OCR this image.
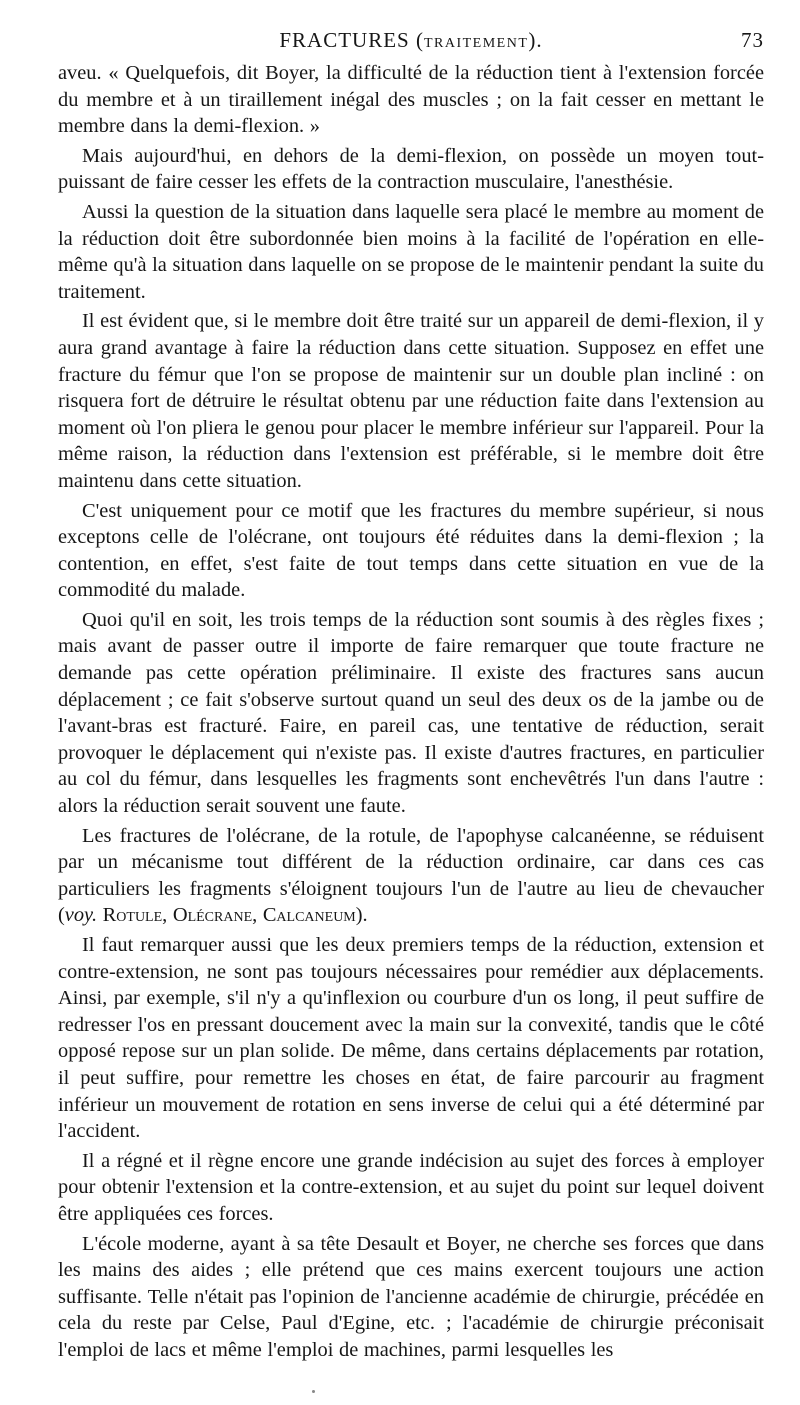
FRACTURES (TRAITEMENT).	73

aveu. « Quelquefois, dit Boyer, la difficulté de la réduction tient à l'extension forcée du membre et à un tiraillement inégal des muscles ; on la fait cesser en mettant le membre dans la demi-flexion. »

Mais aujourd'hui, en dehors de la demi-flexion, on possède un moyen tout-puissant de faire cesser les effets de la contraction musculaire, l'anesthésie.

Aussi la question de la situation dans laquelle sera placé le membre au moment de la réduction doit être subordonnée bien moins à la facilité de l'opération en elle-même qu'à la situation dans laquelle on se propose de le maintenir pendant la suite du traitement.

Il est évident que, si le membre doit être traité sur un appareil de demi-flexion, il y aura grand avantage à faire la réduction dans cette situation. Supposez en effet une fracture du fémur que l'on se propose de maintenir sur un double plan incliné : on risquera fort de détruire le résultat obtenu par une réduction faite dans l'extension au moment où l'on pliera le genou pour placer le membre inférieur sur l'appareil. Pour la même raison, la réduction dans l'extension est préférable, si le membre doit être maintenu dans cette situation.

C'est uniquement pour ce motif que les fractures du membre supérieur, si nous exceptons celle de l'olécrane, ont toujours été réduites dans la demi-flexion ; la contention, en effet, s'est faite de tout temps dans cette situation en vue de la commodité du malade.

Quoi qu'il en soit, les trois temps de la réduction sont soumis à des règles fixes ; mais avant de passer outre il importe de faire remarquer que toute fracture ne demande pas cette opération préliminaire. Il existe des fractures sans aucun déplacement ; ce fait s'observe surtout quand un seul des deux os de la jambe ou de l'avant-bras est fracturé. Faire, en pareil cas, une tentative de réduction, serait provoquer le déplacement qui n'existe pas. Il existe d'autres fractures, en particulier au col du fémur, dans lesquelles les fragments sont enchevêtrés l'un dans l'autre : alors la réduction serait souvent une faute.

Les fractures de l'olécrane, de la rotule, de l'apophyse calcanéenne, se réduisent par un mécanisme tout différent de la réduction ordinaire, car dans ces cas particuliers les fragments s'éloignent toujours l'un de l'autre au lieu de chevaucher (voy. Rotule, Olécrane, Calcaneum).

Il faut remarquer aussi que les deux premiers temps de la réduction, extension et contre-extension, ne sont pas toujours nécessaires pour remédier aux déplacements. Ainsi, par exemple, s'il n'y a qu'inflexion ou courbure d'un os long, il peut suffire de redresser l'os en pressant doucement avec la main sur la convexité, tandis que le côté opposé repose sur un plan solide. De même, dans certains déplacements par rotation, il peut suffire, pour remettre les choses en état, de faire parcourir au fragment inférieur un mouvement de rotation en sens inverse de celui qui a été déterminé par l'accident.

Il a régné et il règne encore une grande indécision au sujet des forces à employer pour obtenir l'extension et la contre-extension, et au sujet du point sur lequel doivent être appliquées ces forces.

L'école moderne, ayant à sa tête Desault et Boyer, ne cherche ses forces que dans les mains des aides ; elle prétend que ces mains exercent toujours une action suffisante. Telle n'était pas l'opinion de l'ancienne académie de chirurgie, précédée en cela du reste par Celse, Paul d'Egine, etc. ; l'académie de chirurgie préconisait l'emploi de lacs et même l'emploi de machines, parmi lesquelles les
